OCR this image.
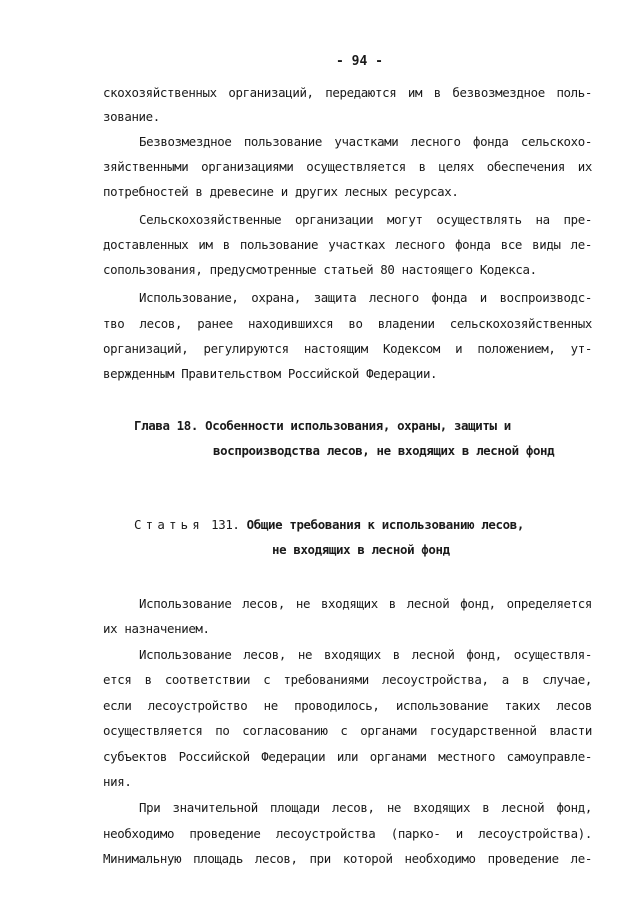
- 94 -

скохозяйственных организаций, передаются им в безвозмездное поль-

зование.

Безвозмездное пользование участками лесного фонда сельскохо-

зяйственными организациями осуществляется в целях обеспечения их

потребностей в древесине и других лесных ресурсах.

Сельскохозяйственные организации могут осуществлять на пре-

доставленных им в пользование участках лесного фонда все виды ле-

сопользования, предусмотренные статьей 80 настоящего Кодекса.

Использование, охрана, защита лесного фонда и воспроизводс-

тво лесов, ранее находившихся во владении сельскохозяйственных

организаций, регулируются настоящим Кодексом и положением, ут-

вержденным Правительством Российской Федерации.

Глава 18. Особенности использования, охраны, защиты и

воспроизводства лесов, не входящих в лесной фонд

Статья 131. Общие требования к использованию лесов,

не входящих в лесной фонд

Использование лесов, не входящих в лесной фонд, определяется

их назначением.

Использование лесов, не входящих в лесной фонд, осуществля-

ется в соответствии с требованиями лесоустройства, а в случае,

если лесоустройство не проводилось, использование таких лесов

осуществляется по согласованию с органами государственной власти

субъектов Российской Федерации или органами местного самоуправле-

ния.

При значительной площади лесов, не входящих в лесной фонд,

необходимо проведение лесоустройства (парко- и лесоустройства).

Минимальную площадь лесов, при которой необходимо проведение ле-
